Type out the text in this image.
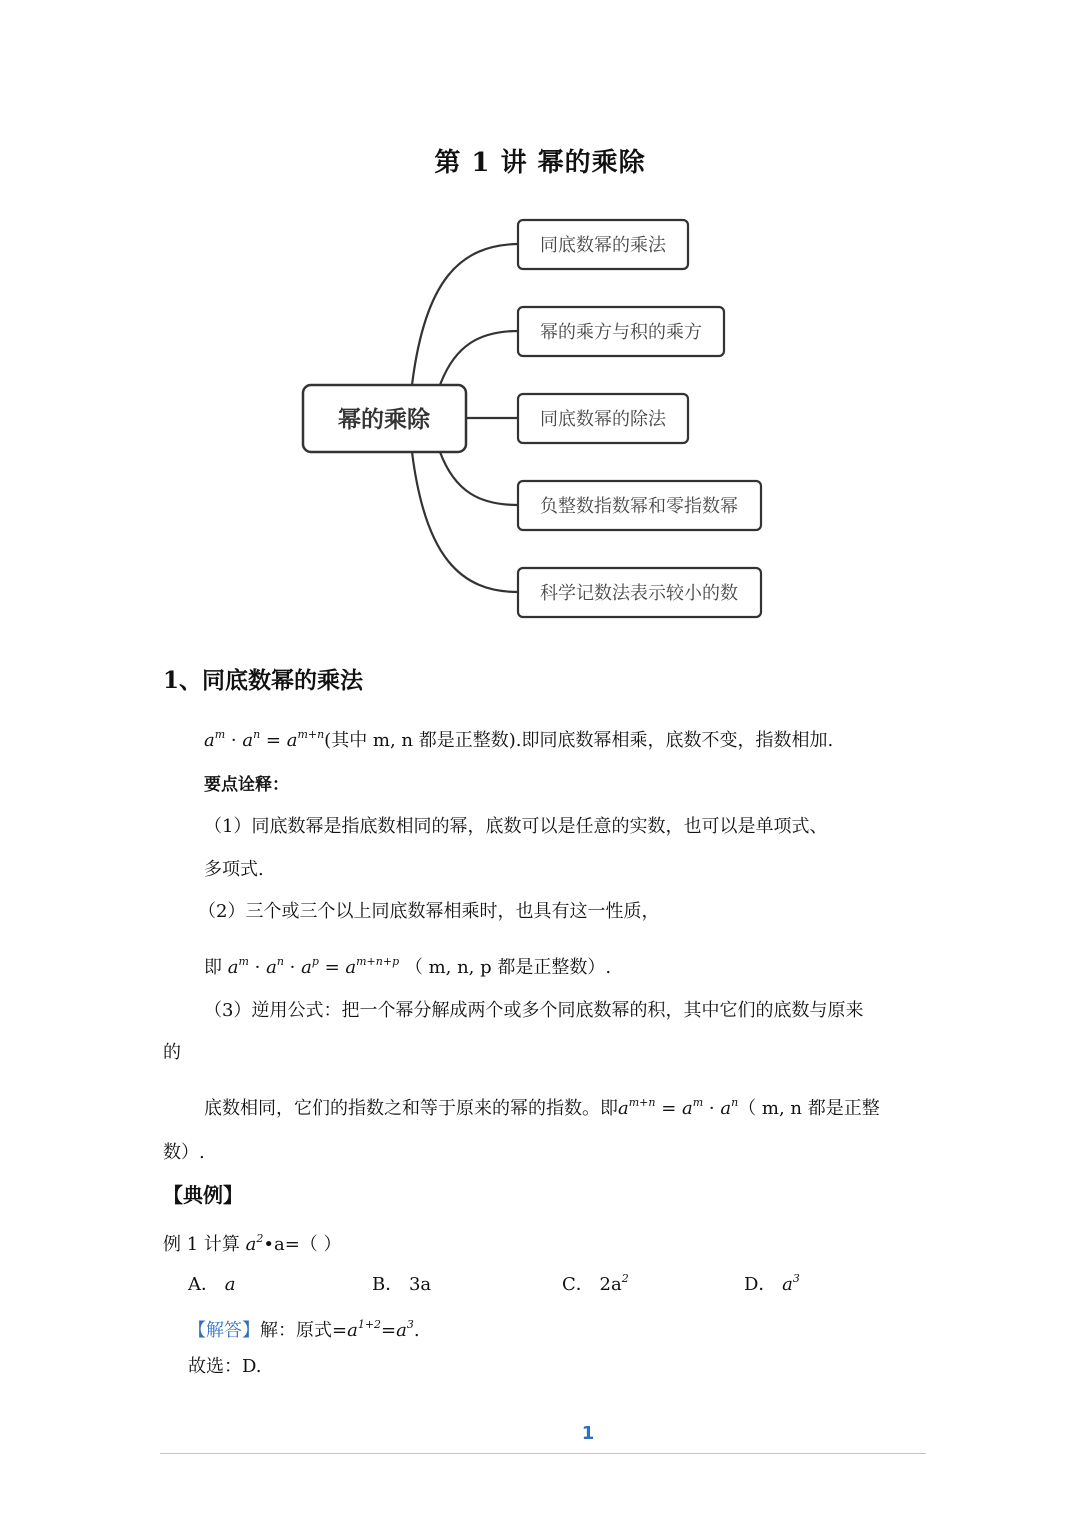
第 1 讲 幂的乘除
幂的乘除
同底数幂的乘法
幂的乘方与积的乘方
同底数幂的除法
负整数指数幂和零指数幂
科学记数法表示较小的数
1、同底数幂的乘法
$a^m \cdot a^n = a^{m+n}$(其中 m, n 都是正整数).即同底数幂相乘，底数不变，指数相加.
要点诠释：
（1）同底数幂是指底数相同的幂，底数可以是任意的实数，也可以是单项式、
多项式.
（2）三个或三个以上同底数幂相乘时，也具有这一性质，
即 $a^m \cdot a^n \cdot a^p = a^{m+n+p}$ （ m, n, p 都是正整数）.
（3）逆用公式：把一个幂分解成两个或多个同底数幂的积，其中它们的底数与原来
的
底数相同，它们的指数之和等于原来的幂的指数。即$a^{m+n} = a^m \cdot a^n$（ m, n 都是正整
数）.
【典例】
例 1 计算 $a^2•a=$（ ）
A． a	B． 3a	C． $2a^2$	D． $a^3$
【解答】解：原式$=a^{1+2}=a^3$.
故选：D.
1
